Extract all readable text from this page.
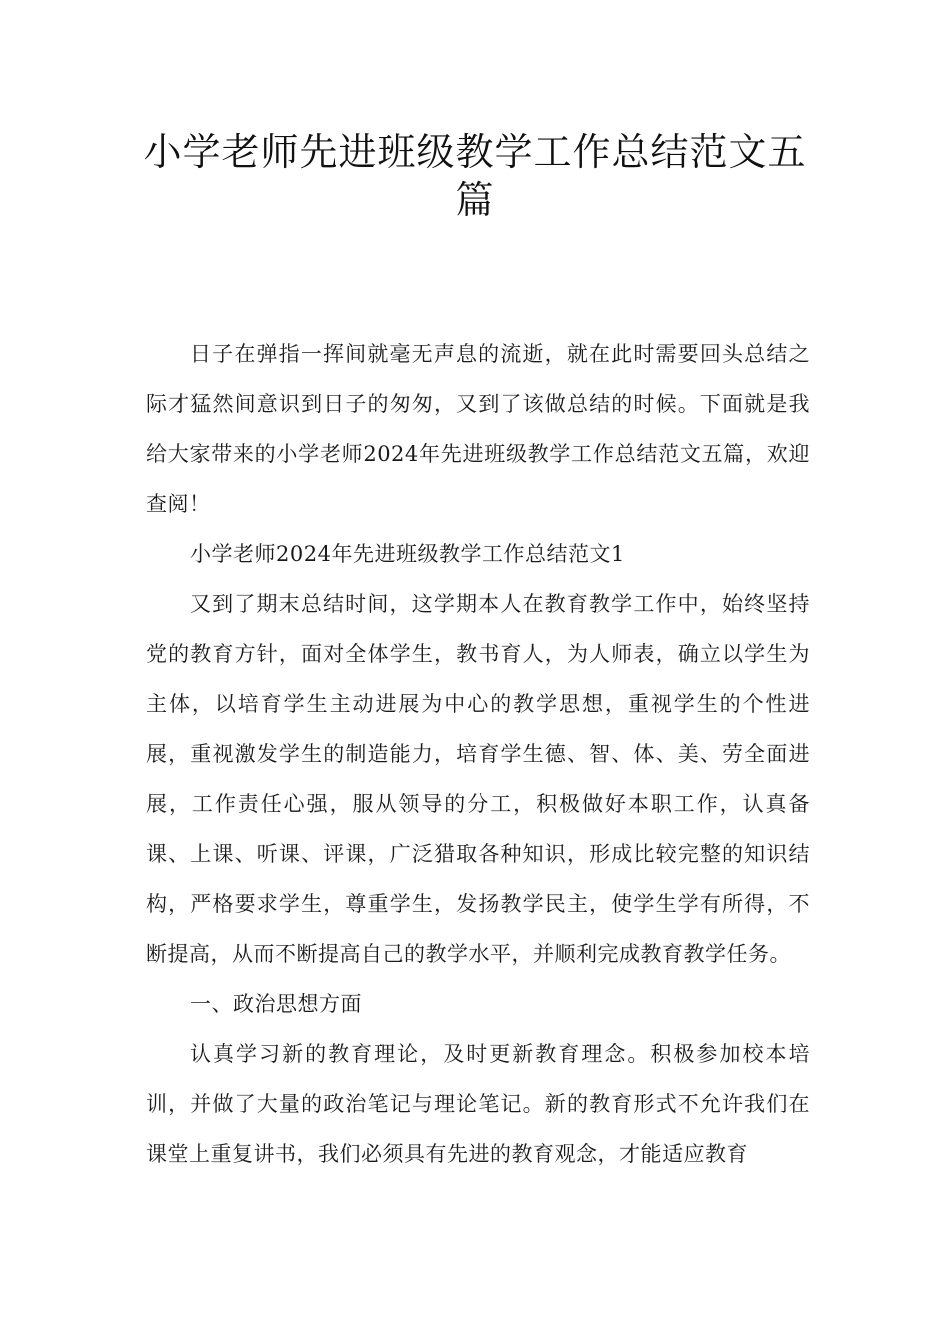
小学老师先进班级教学工作总结范文五
篇

日子在弹指一挥间就毫无声息的流逝，就在此时需要回头总结之际才猛然间意识到日子的匆匆，又到了该做总结的时候。下面就是我给大家带来的小学老师2024年先进班级教学工作总结范文五篇，欢迎查阅！

小学老师2024年先进班级教学工作总结范文1

又到了期末总结时间，这学期本人在教育教学工作中，始终坚持党的教育方针，面对全体学生，教书育人，为人师表，确立以学生为主体，以培育学生主动进展为中心的教学思想，重视学生的个性进展，重视激发学生的制造能力，培育学生德、智、体、美、劳全面进展，工作责任心强，服从领导的分工，积极做好本职工作，认真备课、上课、听课、评课，广泛猎取各种知识，形成比较完整的知识结构，严格要求学生，尊重学生，发扬教学民主，使学生学有所得，不断提高，从而不断提高自己的教学水平，并顺利完成教育教学任务。

一、政治思想方面

认真学习新的教育理论，及时更新教育理念。积极参加校本培训，并做了大量的政治笔记与理论笔记。新的教育形式不允许我们在课堂上重复讲书，我们必须具有先进的教育观念，才能适应教育
